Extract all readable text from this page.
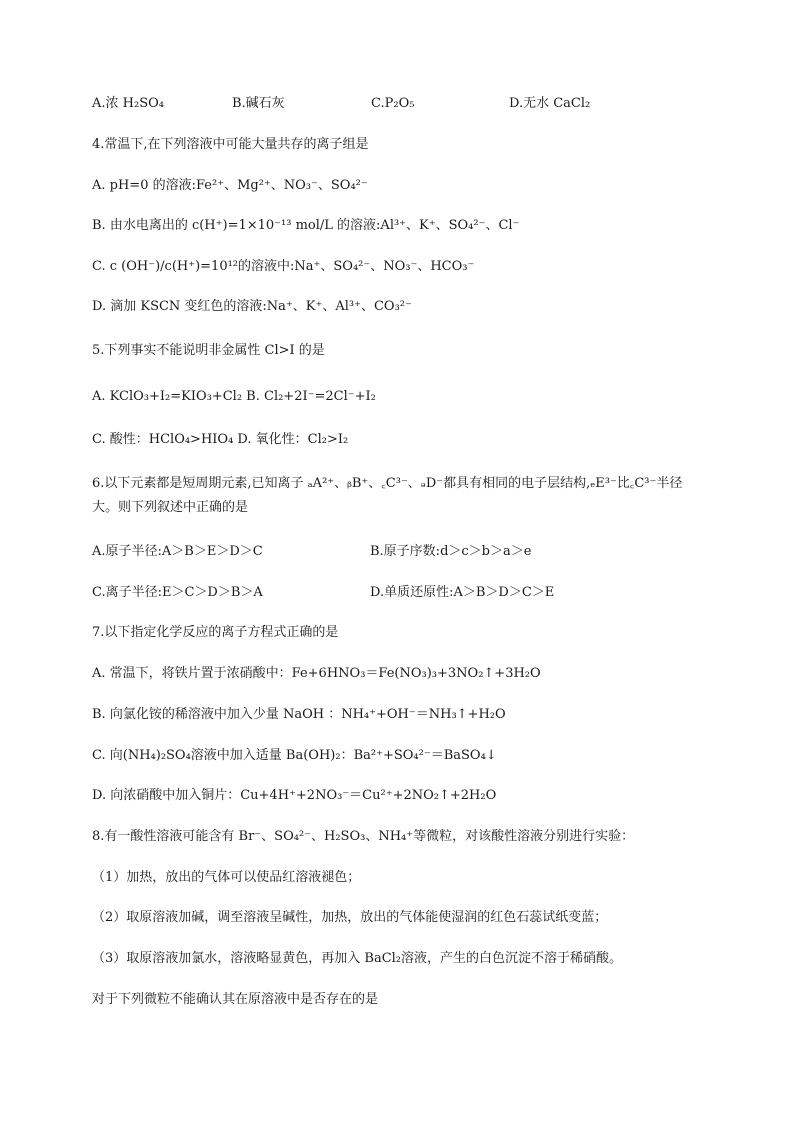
A.浓 H₂SO₄	B.碱石灰	C.P₂O₅	D.无水 CaCl₂
4.常温下,在下列溶液中可能大量共存的离子组是
A. pH=0 的溶液:Fe²⁺、Mg²⁺、NO₃⁻、SO₄²⁻
B. 由水电离出的 c(H⁺)=1×10⁻¹³ mol/L 的溶液:Al³⁺、K⁺、SO₄²⁻、Cl⁻
C. c (OH⁻)/c(H⁺)=10¹²的溶液中:Na⁺、SO₄²⁻、NO₃⁻、HCO₃⁻
D. 滴加 KSCN 变红色的溶液:Na⁺、K⁺、Al³⁺、CO₃²⁻
5.下列事实不能说明非金属性 Cl>I 的是
A. KClO₃+I₂=KIO₃+Cl₂ B. Cl₂+2I⁻=2Cl⁻+I₂
C. 酸性：HClO₄>HIO₄ D. 氧化性：Cl₂>I₂
6.以下元素都是短周期元素,已知离子 ₐA²⁺、ᵦB⁺、꜀C³⁻、ₔD⁻都具有相同的电子层结构,ₑE³⁻比꜀C³⁻半径大。则下列叙述中正确的是
A.原子半径:A＞B＞E＞D＞C	B.原子序数:d＞c＞b＞a＞e
C.离子半径:E＞C＞D＞B＞A	D.单质还原性:A＞B＞D＞C＞E
7.以下指定化学反应的离子方程式正确的是
A. 常温下，将铁片置于浓硝酸中：Fe+6HNO₃＝Fe(NO₃)₃+3NO₂↑+3H₂O
B. 向氯化铵的稀溶液中加入少量 NaOH ：NH₄⁺+OH⁻＝NH₃↑+H₂O
C. 向(NH₄)₂SO₄溶液中加入适量 Ba(OH)₂：Ba²⁺+SO₄²⁻＝BaSO₄↓
D. 向浓硝酸中加入铜片：Cu+4H⁺+2NO₃⁻＝Cu²⁺+2NO₂↑+2H₂O
8.有一酸性溶液可能含有 Br⁻、SO₄²⁻、H₂SO₃、NH₄⁺等微粒，对该酸性溶液分别进行实验：
（1）加热，放出的气体可以使品红溶液褪色；
（2）取原溶液加碱，调至溶液呈碱性，加热，放出的气体能使湿润的红色石蕊试纸变蓝；
（3）取原溶液加氯水，溶液略显黄色，再加入 BaCl₂溶液，产生的白色沉淀不溶于稀硝酸。
对于下列微粒不能确认其在原溶液中是否存在的是
